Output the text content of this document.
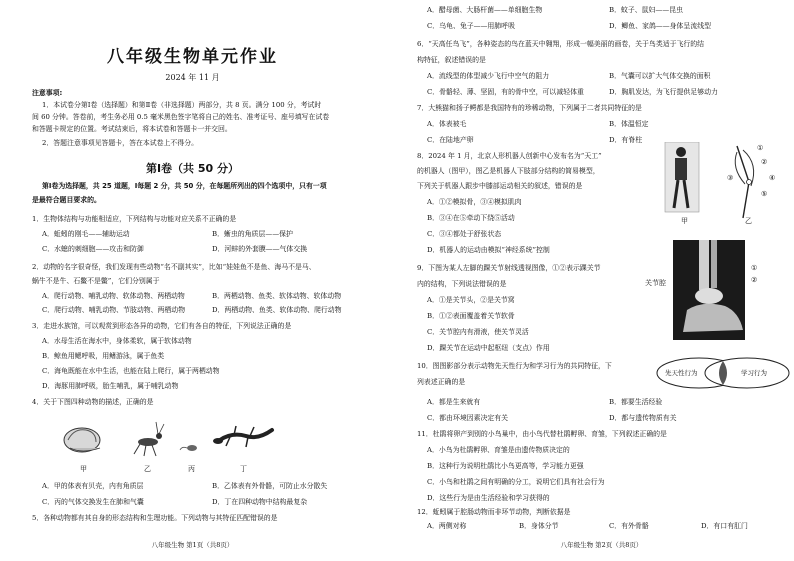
八年级生物单元作业
2024 年 11 月
注意事项:
1．本试卷分第Ⅰ卷（选择题）和第Ⅱ卷（非选择题）两部分，共 8 页。满分 100 分，考试时
间 60 分钟。答卷前，考生务必用 0.5 毫米黑色签字笔将自己的姓名、准考证号、座号填写在试卷
和答题卡规定的位置。考试结束后，将本试卷和答题卡一并交回。
2．答题注意事项见答题卡，答在本试卷上不得分。
第Ⅰ卷（共 50 分）
第Ⅰ卷为选择题，共 25 道题，Ⅰ每题 2 分，共 50 分，在每题所列出的四个选项中，只有一项
是最符合题目要求的。
1．生物体结构与功能相适应，下列结构与功能对应关系不正确的是
A．蚯蚓的刚毛——辅助运动	B．蜥虫的角质层——保护
C．水螅的刺细胞——攻击和防御	D．河蚌的外套膜——气体交换
2．动物的名字很奇怪，我们发现有些动物“名不副其实”，比如“娃娃鱼不是鱼、海马不是马、
蜗牛不是牛、石鳖不是鳖”，它们分别属于
A．爬行动物、哺乳动物、软体动物、两栖动物	B．两栖动物、鱼类、软体动物、软体动物
C．爬行动物、哺乳动物、节肢动物、两栖动物	D．两栖动物、鱼类、软体动物、爬行动物
3．走进水族馆，可以观赏到形态各异的动物，它们有各自的特征，下列说法正确的是
A．水母生活在海水中，身体柔软，属于软体动物
B．鲸鱼用鳃呼吸，用鳍游泳，属于鱼类
C．海龟既能在水中生活，也能在陆上爬行，属于两栖动物
D．海豚用肺呼吸，胎生哺乳，属于哺乳动物
4．关于下图四种动物的描述，正确的是
甲	乙	丙	丁
A．甲的体表有贝壳，内有角质层	B．乙体表有外骨骼，可防止水分散失
C．丙的气体交换发生在肺和气囊	D．丁在四种动物中结构最复杂
5．各种动物都有其自身的形态结构和生理功能。下列动物与其特征匹配错误的是
八年级生物 第1页（共8页）
A．醋母菌、大肠杆菌——单细胞生物	B．蚊子、鼠妇——昆虫
C．乌龟、兔子——用肺呼吸	D．鲫鱼、家鸽——身体呈流线型
6．“天高任鸟飞”，各种姿态的鸟在蓝天中翱翔，形成一幅美丽的画卷，关于鸟类适于飞行的结
构特征，叙述错误的是
A．流线型的体型减少飞行中空气的阻力	B．气囊可以扩大气体交换的面积
C．骨骼轻、薄、坚固，有的骨中空，可以减轻体重	D．胸肌发达，为飞行提供足够动力
7．大熊猫和扬子鳄都是我国特有的珍稀动物，下列属于二者共同特征的是
A．体表被毛	B．体温恒定
C．在陆地产卵	D．有脊柱
8．2024 年 1 月，北京人形机器人创新中心发布名为“天工”
的机器人（图甲），图乙是机器人下肢部分结构的简易模型，
下列关于机器人跟步中膝部运动相关的叙述，错误的是
A．①②模拟骨，③④模拟肌肉
B．③④在⑤牵动下绕⑤活动
C．③④都处于舒张状态
D．机器人的运动由模拟“神经系统”控制
甲	乙
①
②
③	④
⑤
9．下图为某人左脚的踝关节射线透视图像，①②表示踝关节
内的结构，下列说法错误的是	关节腔
①
②
A．①是关节头，②是关节窝
B．①②表面覆盖着关节软骨
C．关节腔内有滑液，使关节灵活
D．踝关节在运动中起枢纽（支点）作用
10．图图影部分表示动物先天性行为和学习行为的共同特征，下
列表述正确的是
先天性行为	学习行为
A．都是生来就有	B．都要生活经验
C．都由环境因素决定有关	D．都与遗传物质有关
11．杜鹃将卵产到别的小鸟巢中，由小鸟代替杜鹃孵卵、育雏，下列叙述正确的是
A．小鸟为杜鹃孵卵、育雏是由遗传物质决定的
B．这种行为说明杜鹃比小鸟更高等，学习能力更强
C．小鸟和杜鹃之间有明确的分工，说明它们具有社会行为
D．这些行为是由生活经验和学习获得的
12．蚯蚓属于腔肠动物而非环节动物，判断依据是
A．两侧对称	B．身体分节	C．有外骨骼	D．有口有肛门
八年级生物 第2页（共8页）
